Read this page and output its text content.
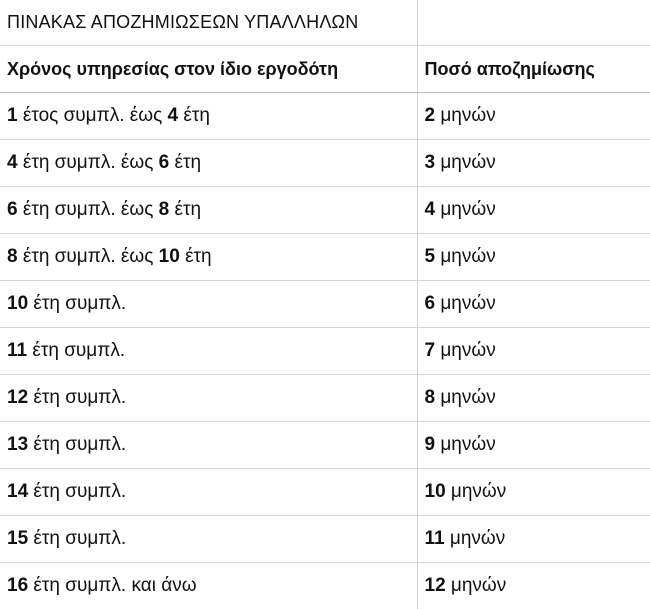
ΠΙΝΑΚΑΣ ΑΠΟΖΗΜΙΩΣΕΩΝ ΥΠΑΛΛΗΛΩΝ	
Χρόνος υπηρεσίας στον ίδιο εργοδότη	Ποσό αποζημίωσης
1 έτος συμπλ. έως 4 έτη	2 μηνών
4 έτη συμπλ. έως 6 έτη	3 μηνών
6 έτη συμπλ. έως 8 έτη	4 μηνών
8 έτη συμπλ. έως 10 έτη	5 μηνών
10 έτη συμπλ.	6 μηνών
11 έτη συμπλ.	7 μηνών
12 έτη συμπλ.	8 μηνών
13 έτη συμπλ.	9 μηνών
14 έτη συμπλ.	10 μηνών
15 έτη συμπλ.	11 μηνών
16 έτη συμπλ. και άνω	12 μηνών
